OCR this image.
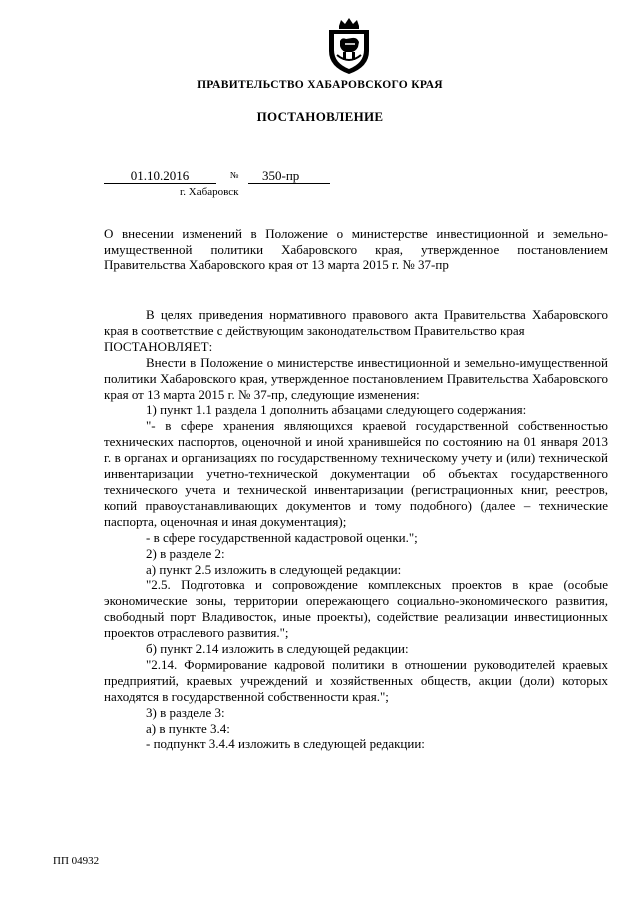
ПРАВИТЕЛЬСТВО ХАБАРОВСКОГО КРАЯ
ПОСТАНОВЛЕНИЕ
01.10.2016	№	350-пр
г. Хабаровск
О внесении изменений в Положение о министерстве инвестиционной и земельно-имущественной политики Хабаровского края, утвержденное постановлением Правительства Хабаровского края от 13 марта 2015 г. № 37-пр

В целях приведения нормативного правового акта Правительства Хабаровского края в соответствие с действующим законодательством Правительство края

ПОСТАНОВЛЯЕТ:

Внести в Положение о министерстве инвестиционной и земельно-имущественной политики Хабаровского края, утвержденное постановлением Правительства Хабаровского края от 13 марта 2015 г. № 37-пр, следующие изменения:

1) пункт 1.1 раздела 1 дополнить абзацами следующего содержания:

"- в сфере хранения являющихся краевой государственной собственностью технических паспортов, оценочной и иной хранившейся по состоянию на 01 января 2013 г. в органах и организациях по государственному техническому учету и (или) технической инвентаризации учетно-технической документации об объектах государственного технического учета и технической инвентаризации (регистрационных книг, реестров, копий правоустанавливающих документов и тому подобного) (далее – технические паспорта, оценочная и иная документация);

- в сфере государственной кадастровой оценки.";

2) в разделе 2:

а) пункт 2.5 изложить в следующей редакции:

"2.5. Подготовка и сопровождение комплексных проектов в крае (особые экономические зоны, территории опережающего социально-экономического развития, свободный порт Владивосток, иные проекты), содействие реализации инвестиционных проектов отраслевого развития.";

б) пункт 2.14 изложить в следующей редакции:

"2.14. Формирование кадровой политики в отношении руководителей краевых предприятий, краевых учреждений и хозяйственных обществ, акции (доли) которых находятся в государственной собственности края.";

3) в разделе 3:

а) в пункте 3.4:

- подпункт 3.4.4 изложить в следующей редакции:

ПП 04932
